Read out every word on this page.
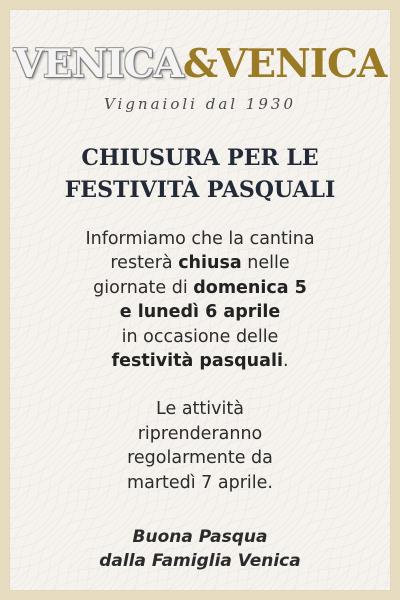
VENICA&VENICA
Vignaioli dal 1930
CHIUSURA PER LE
FESTIVITÀ PASQUALI
Informiamo che la cantina
resterà chiusa nelle
giornate di domenica 5
e lunedì 6 aprile
in occasione delle
festività pasquali.
Le attività
riprenderanno
regolarmente da
martedì 7 aprile.
Buona Pasqua
dalla Famiglia Venica
